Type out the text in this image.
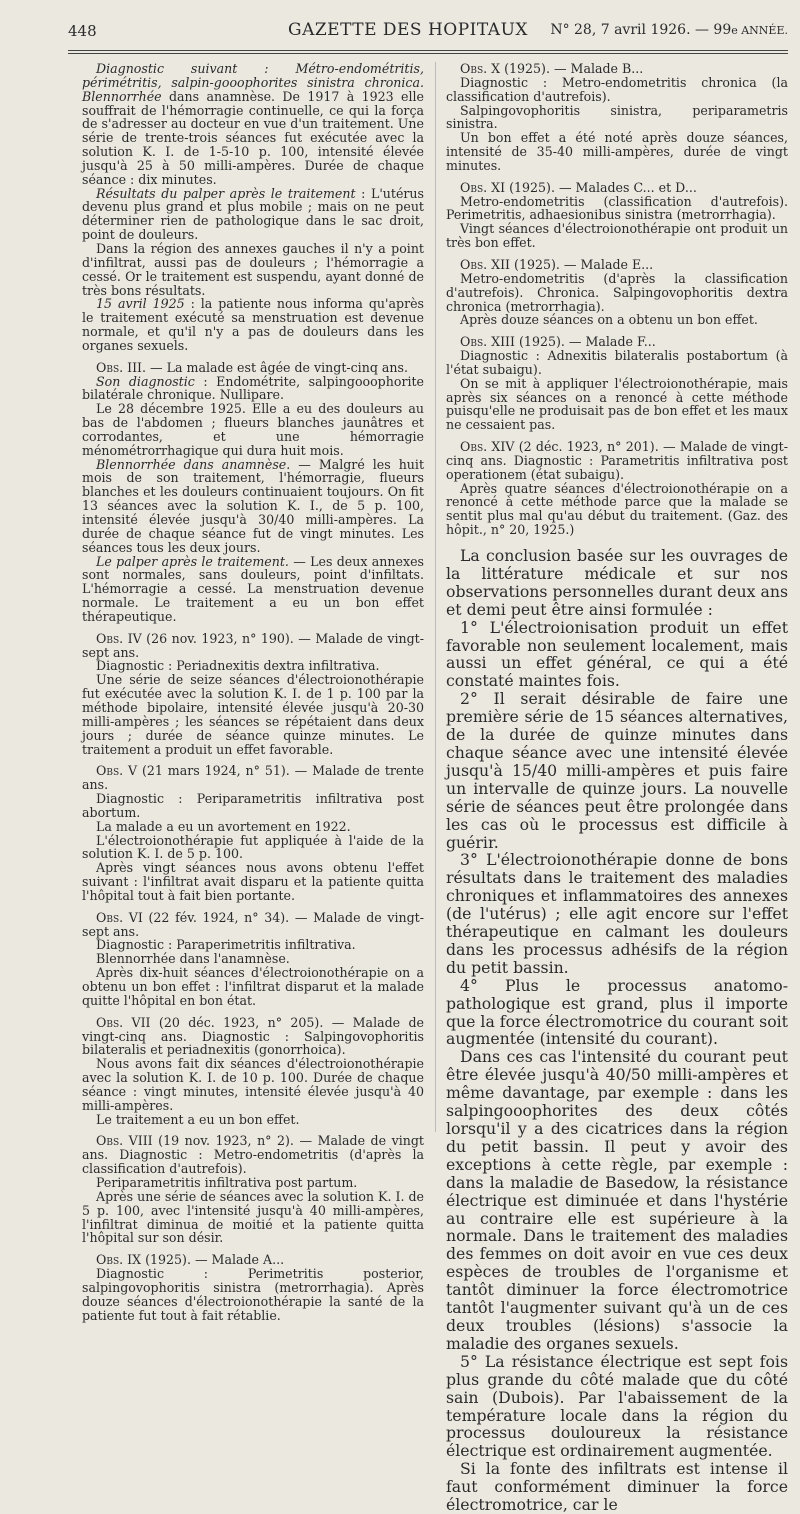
448	GAZETTE DES HOPITAUX N° 28, 7 avril 1926. — 99e ANNÉE.

Diagnostic suivant : Métro-endométritis, périmétritis, salpin-gooophorites sinistra chronica. Blennorrhée dans anamnèse. De 1917 à 1923 elle souffrait de l'hémorragie continuelle, ce qui la força de s'adresser au docteur en vue d'un traitement. Une série de trente-trois séances fut exécutée avec la solution K. I. de 1-5-10 p. 100, intensité élevée jusqu'à 25 à 50 milli-ampères. Durée de chaque séance : dix minutes.

Résultats du palper après le traitement : L'utérus devenu plus grand et plus mobile ; mais on ne peut déterminer rien de pathologique dans le sac droit, point de douleurs.

Dans la région des annexes gauches il n'y a point d'infiltrat, aussi pas de douleurs ; l'hémorragie a cessé. Or le traitement est suspendu, ayant donné de très bons résultats.

15 avril 1925 : la patiente nous informa qu'après le traitement exécuté sa menstruation est devenue normale, et qu'il n'y a pas de douleurs dans les organes sexuels.

Obs. III. — La malade est âgée de vingt-cinq ans.

Son diagnostic : Endométrite, salpingooophorite bilatérale chronique. Nullipare.

Le 28 décembre 1925. Elle a eu des douleurs au bas de l'abdomen ; flueurs blanches jaunâtres et corrodantes, et une hémorragie ménométrorrhagique qui dura huit mois.

Blennorrhée dans anamnèse. — Malgré les huit mois de son traitement, l'hémorragie, flueurs blanches et les douleurs continuaient toujours. On fit 13 séances avec la solution K. I., de 5 p. 100, intensité élevée jusqu'à 30/40 milli-ampères. La durée de chaque séance fut de vingt minutes. Les séances tous les deux jours.

Le palper après le traitement. — Les deux annexes sont normales, sans douleurs, point d'infiltats. L'hémorragie a cessé. La menstruation devenue normale. Le traitement a eu un bon effet thérapeutique.

Obs. IV (26 nov. 1923, n° 190). — Malade de vingt-sept ans.

Diagnostic : Periadnexitis dextra infiltrativa.

Une série de seize séances d'électroionothérapie fut exécutée avec la solution K. I. de 1 p. 100 par la méthode bipolaire, intensité élevée jusqu'à 20-30 milli-ampères ; les séances se répétaient dans deux jours ; durée de séance quinze minutes. Le traitement a produit un effet favorable.

Obs. V (21 mars 1924, n° 51). — Malade de trente ans.

Diagnostic : Periparametritis infiltrativa post abortum.

La malade a eu un avortement en 1922.

L'électroionothérapie fut appliquée à l'aide de la solution K. I. de 5 p. 100.

Après vingt séances nous avons obtenu l'effet suivant : l'infiltrat avait disparu et la patiente quitta l'hôpital tout à fait bien portante.

Obs. VI (22 fév. 1924, n° 34). — Malade de vingt-sept ans.

Diagnostic : Paraperimetritis infiltrativa.

Blennorrhée dans l'anamnèse.

Après dix-huit séances d'électroionothérapie on a obtenu un bon effet : l'infiltrat disparut et la malade quitte l'hôpital en bon état.

Obs. VII (20 déc. 1923, n° 205). — Malade de vingt-cinq ans. Diagnostic : Salpingovophoritis bilateralis et periadnexitis (gonorrhoica).

Nous avons fait dix séances d'électroionothérapie avec la solution K. I. de 10 p. 100. Durée de chaque séance : vingt minutes, intensité élevée jusqu'à 40 milli-ampères.

Le traitement a eu un bon effet.

Obs. VIII (19 nov. 1923, n° 2). — Malade de vingt ans. Diagnostic : Metro-endometritis (d'après la classification d'autrefois).

Periparametritis infiltrativa post partum.

Après une série de séances avec la solution K. I. de 5 p. 100, avec l'intensité jusqu'à 40 milli-ampères, l'infiltrat diminua de moitié et la patiente quitta l'hôpital sur son désir.

Obs. IX (1925). — Malade A...

Diagnostic : Perimetritis posterior, salpingovophoritis sinistra (metrorrhagia). Après douze séances d'électroionothérapie la santé de la patiente fut tout à fait rétablie.

Obs. X (1925). — Malade B...

Diagnostic : Metro-endometritis chronica (la classification d'autrefois).

Salpingovophoritis sinistra, periparametris sinistra.

Un bon effet a été noté après douze séances, intensité de 35-40 milli-ampères, durée de vingt minutes.

Obs. XI (1925). — Malades C... et D...

Metro-endometritis (classification d'autrefois). Perimetritis, adhaesionibus sinistra (metrorrhagia).

Vingt séances d'électroionothérapie ont produit un très bon effet.

Obs. XII (1925). — Malade E...

Metro-endometritis (d'après la classification d'autrefois). Chronica. Salpingovophoritis dextra chronica (metrorrhagia).

Après douze séances on a obtenu un bon effet.

Obs. XIII (1925). — Malade F...

Diagnostic : Adnexitis bilateralis postabortum (à l'état subaigu).

On se mit à appliquer l'électroionothérapie, mais après six séances on a renoncé à cette méthode puisqu'elle ne produisait pas de bon effet et les maux ne cessaient pas.

Obs. XIV (2 déc. 1923, n° 201). — Malade de vingt-cinq ans. Diagnostic : Parametritis infiltrativa post operationem (état subaigu).

Après quatre séances d'électroionothérapie on a renoncé à cette méthode parce que la malade se sentit plus mal qu'au début du traitement. (Gaz. des hôpit., n° 20, 1925.)

La conclusion basée sur les ouvrages de la littérature médicale et sur nos observations personnelles durant deux ans et demi peut être ainsi formulée :

1° L'électroionisation produit un effet favorable non seulement localement, mais aussi un effet général, ce qui a été constaté maintes fois.

2° Il serait désirable de faire une première série de 15 séances alternatives, de la durée de quinze minutes dans chaque séance avec une intensité élevée jusqu'à 15/40 milli-ampères et puis faire un intervalle de quinze jours. La nouvelle série de séances peut être prolongée dans les cas où le processus est difficile à guérir.

3° L'électroionothérapie donne de bons résultats dans le traitement des maladies chroniques et inflammatoires des annexes (de l'utérus) ; elle agit encore sur l'effet thérapeutique en calmant les douleurs dans les processus adhésifs de la région du petit bassin.

4° Plus le processus anatomo-pathologique est grand, plus il importe que la force électromotrice du courant soit augmentée (intensité du courant).

Dans ces cas l'intensité du courant peut être élevée jusqu'à 40/50 milli-ampères et même davantage, par exemple : dans les salpingooophorites des deux côtés lorsqu'il y a des cicatrices dans la région du petit bassin. Il peut y avoir des exceptions à cette règle, par exemple : dans la maladie de Basedow, la résistance électrique est diminuée et dans l'hystérie au contraire elle est supérieure à la normale. Dans le traitement des maladies des femmes on doit avoir en vue ces deux espèces de troubles de l'organisme et tantôt diminuer la force électromotrice tantôt l'augmenter suivant qu'à un de ces deux troubles (lésions) s'associe la maladie des organes sexuels.

5° La résistance électrique est sept fois plus grande du côté malade que du côté sain (Dubois). Par l'abaissement de la température locale dans la région du processus douloureux la résistance électrique est ordinairement augmentée.

Si la fonte des infiltrats est intense il faut conformément diminuer la force électromotrice, car le
